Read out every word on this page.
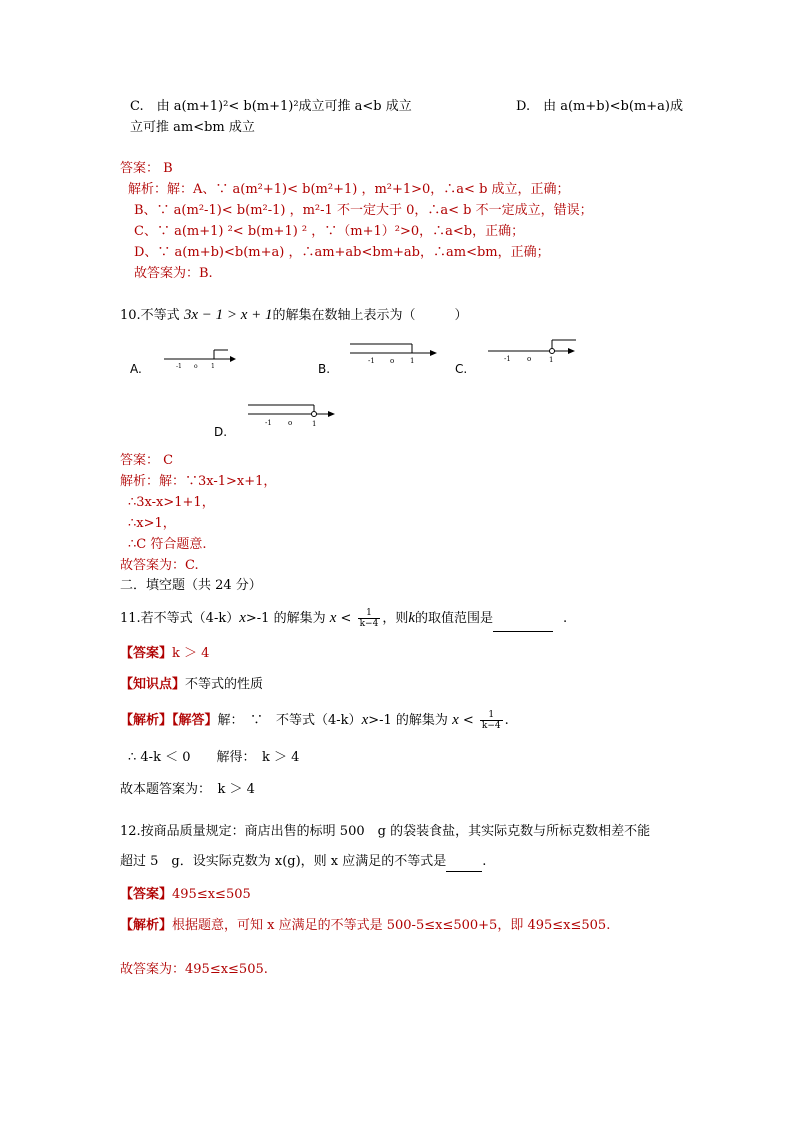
C.　由 a(m+1)²< b(m+1)²成立可推 a<b 成立	D.　由 a(m+b)<b(m+a)成
立可推 am<bm 成立
答案： B
解析：解：A、∵ a(m²+1)< b(m²+1) ，m²+1>0，∴a< b 成立，正确；
B、∵ a(m²-1)< b(m²-1) ，m²-1 不一定大于 0，∴a< b 不一定成立，错误；
C、∵ a(m+1) ²< b(m+1) ² ，∵（m+1）²>0，∴a<b，正确；
D、∵ a(m+b)<b(m+a) ，∴am+ab<bm+ab，∴am<bm，正确；
故答案为：B.
10.不等式 3x − 1 > x + 1的解集在数轴上表示为（　　　）
A.	-1 o 1	B.
-1 o 1
C.
-1 o	1
D.
-1 o	1
答案： C
解析：解：∵3x-1>x+1，
∴3x-x>1+1，
∴x>1，
∴C 符合题意.
故答案为：C.
二．填空题（共 24 分）
11.若不等式（4-k）x>-1 的解集为 $x < \frac{1}{k-4}$ ，则k的取值范围是	.
【答案】k ＞ 4
【知识点】不等式的性质
【解析】【解答】解：　∵　不等式（4-k）x>-1 的解集为 $x < \frac{1}{k-4}$ .
∴ 4-k ＜ 0　　解得：　k ＞ 4
故本题答案为：　k ＞ 4
12.按商品质量规定：商店出售的标明 500　g 的袋装食盐，其实际克数与所标克数相差不能
超过 5　g．设实际克数为 x(g)，则 x 应满足的不等式是	.
【答案】495≤x≤505
【解析】根据题意，可知 x 应满足的不等式是 500-5≤x≤500+5，即 495≤x≤505.
故答案为：495≤x≤505.
